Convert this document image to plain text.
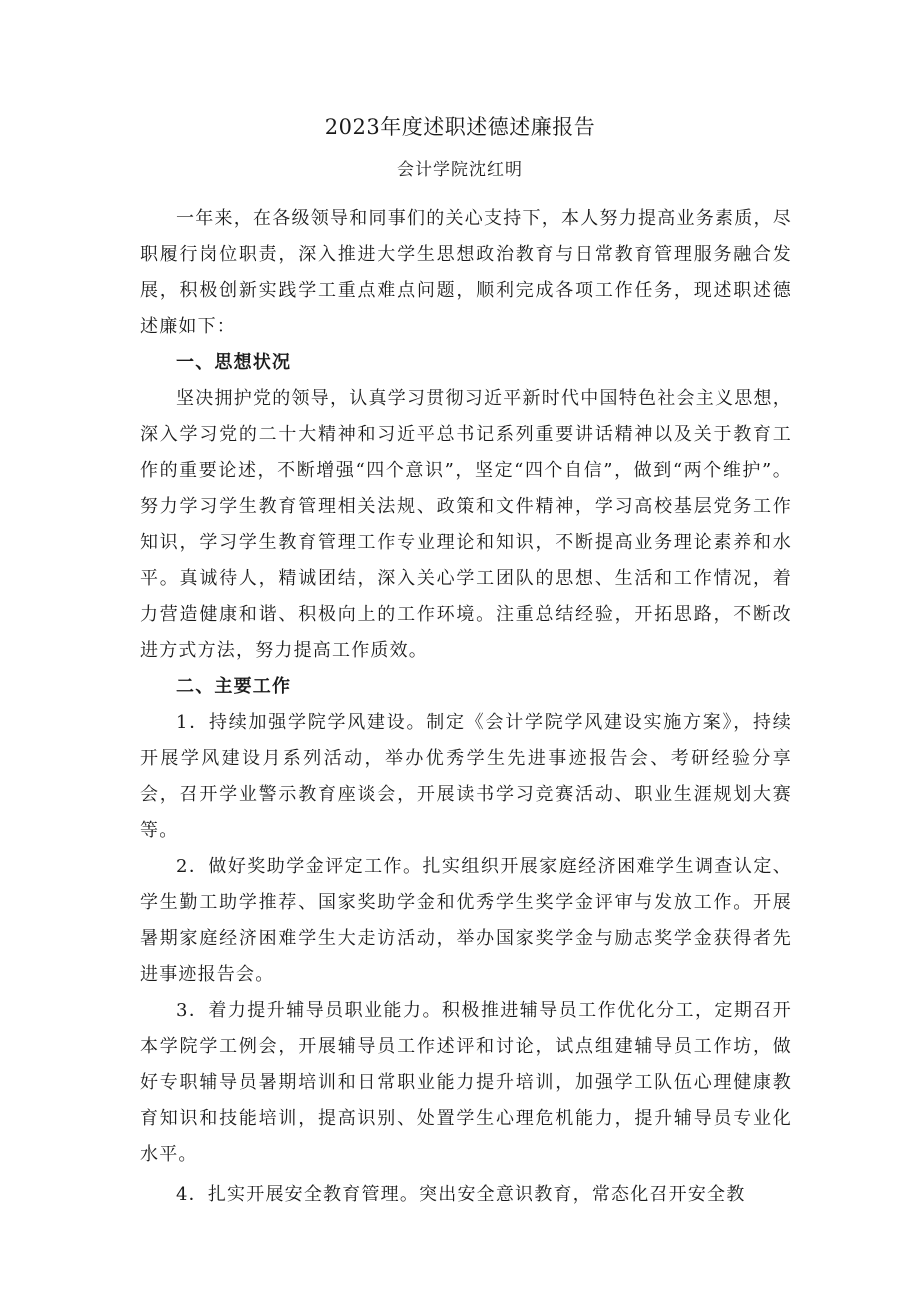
2023年度述职述德述廉报告
会计学院沈红明

一年来，在各级领导和同事们的关心支持下，本人努力提高业务素质，尽职履行岗位职责，深入推进大学生思想政治教育与日常教育管理服务融合发展，积极创新实践学工重点难点问题，顺利完成各项工作任务，现述职述德述廉如下：

一、思想状况

坚决拥护党的领导，认真学习贯彻习近平新时代中国特色社会主义思想，深入学习党的二十大精神和习近平总书记系列重要讲话精神以及关于教育工作的重要论述，不断增强“四个意识”，坚定“四个自信”，做到“两个维护”。努力学习学生教育管理相关法规、政策和文件精神，学习高校基层党务工作知识，学习学生教育管理工作专业理论和知识，不断提高业务理论素养和水平。真诚待人，精诚团结，深入关心学工团队的思想、生活和工作情况，着力营造健康和谐、积极向上的工作环境。注重总结经验，开拓思路，不断改进方式方法，努力提高工作质效。

二、主要工作

1．持续加强学院学风建设。制定《会计学院学风建设实施方案》，持续开展学风建设月系列活动，举办优秀学生先进事迹报告会、考研经验分享会，召开学业警示教育座谈会，开展读书学习竞赛活动、职业生涯规划大赛等。

2．做好奖助学金评定工作。扎实组织开展家庭经济困难学生调查认定、学生勤工助学推荐、国家奖助学金和优秀学生奖学金评审与发放工作。开展暑期家庭经济困难学生大走访活动，举办国家奖学金与励志奖学金获得者先进事迹报告会。

3．着力提升辅导员职业能力。积极推进辅导员工作优化分工，定期召开本学院学工例会，开展辅导员工作述评和讨论，试点组建辅导员工作坊，做好专职辅导员暑期培训和日常职业能力提升培训，加强学工队伍心理健康教育知识和技能培训，提高识别、处置学生心理危机能力，提升辅导员专业化水平。

4．扎实开展安全教育管理。突出安全意识教育，常态化召开安全教
